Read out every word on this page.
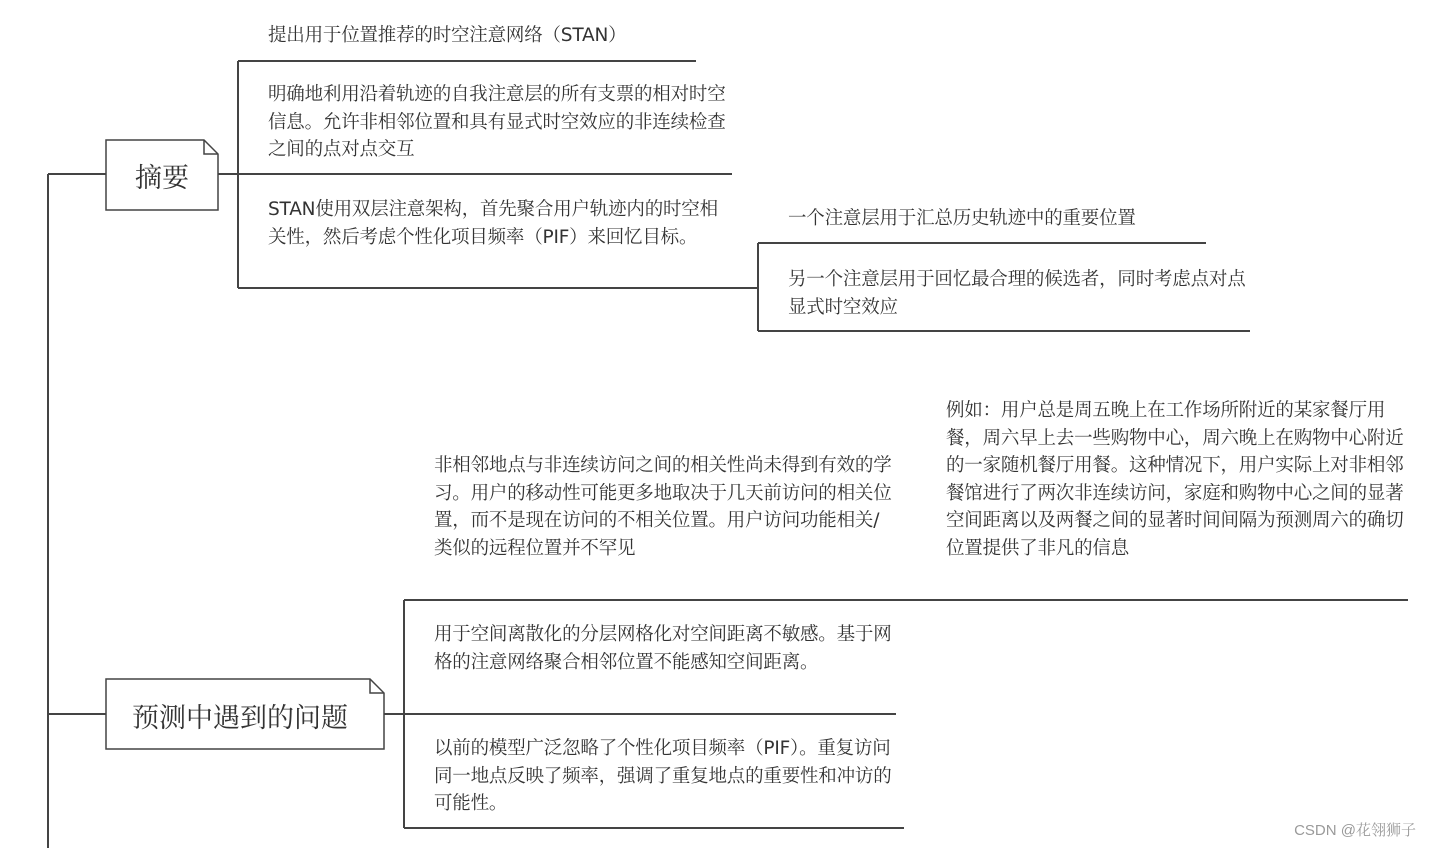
摘要
预测中遇到的问题
提出用于位置推荐的时空注意网络（STAN）
明确地利用沿着轨迹的自我注意层的所有支票的相对时空信息。允许非相邻位置和具有显式时空效应的非连续检查之间的点对点交互
STAN使用双层注意架构，首先聚合用户轨迹内的时空相关性，然后考虑个性化项目频率（PIF）来回忆目标。
一个注意层用于汇总历史轨迹中的重要位置
另一个注意层用于回忆最合理的候选者，同时考虑点对点显式时空效应
非相邻地点与非连续访问之间的相关性尚未得到有效的学习。用户的移动性可能更多地取决于几天前访问的相关位置，而不是现在访问的不相关位置。用户访问功能相关/类似的远程位置并不罕见
用于空间离散化的分层网格化对空间距离不敏感。基于网格的注意网络聚合相邻位置不能感知空间距离。
以前的模型广泛忽略了个性化项目频率（PIF）。重复访问同一地点反映了频率，强调了重复地点的重要性和冲访的可能性。
例如：用户总是周五晚上在工作场所附近的某家餐厅用餐，周六早上去一些购物中心，周六晚上在购物中心附近的一家随机餐厅用餐。这种情况下，用户实际上对非相邻餐馆进行了两次非连续访问，家庭和购物中心之间的显著空间距离以及两餐之间的显著时间间隔为预测周六的确切位置提供了非凡的信息
CSDN @花翎狮子
